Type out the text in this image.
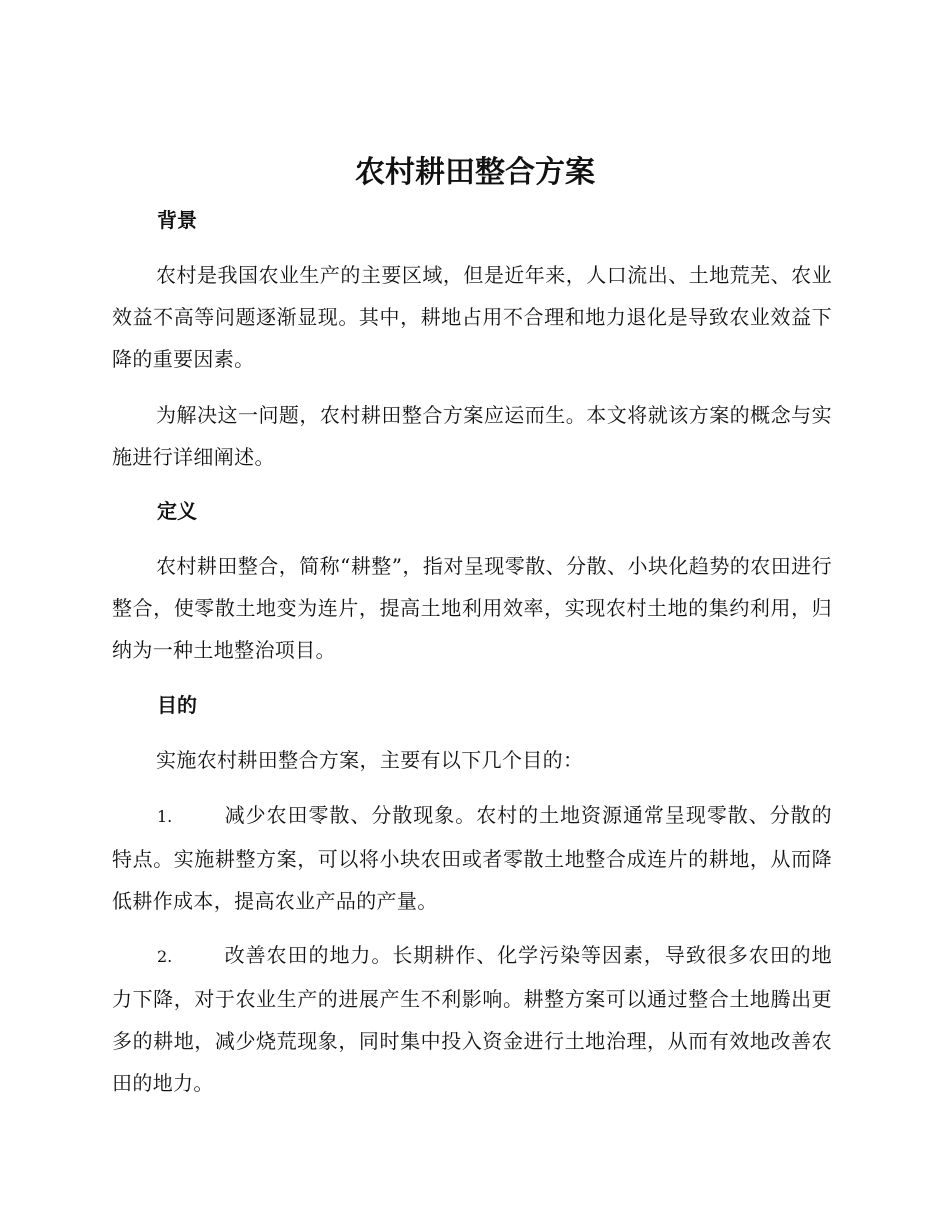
农村耕田整合方案
背景
农村是我国农业生产的主要区域，但是近年来，人口流出、土地荒芜、农业效益不高等问题逐渐显现。其中，耕地占用不合理和地力退化是导致农业效益下降的重要因素。
为解决这一问题，农村耕田整合方案应运而生。本文将就该方案的概念与实施进行详细阐述。
定义
农村耕田整合，简称“耕整”，指对呈现零散、分散、小块化趋势的农田进行整合，使零散土地变为连片，提高土地利用效率，实现农村土地的集约利用，归纳为一种土地整治项目。
目的
实施农村耕田整合方案，主要有以下几个目的：
1.	减少农田零散、分散现象。农村的土地资源通常呈现零散、分散的特点。实施耕整方案，可以将小块农田或者零散土地整合成连片的耕地，从而降低耕作成本，提高农业产品的产量。
2.	改善农田的地力。长期耕作、化学污染等因素，导致很多农田的地力下降，对于农业生产的进展产生不利影响。耕整方案可以通过整合土地腾出更多的耕地，减少烧荒现象，同时集中投入资金进行土地治理，从而有效地改善农田的地力。
